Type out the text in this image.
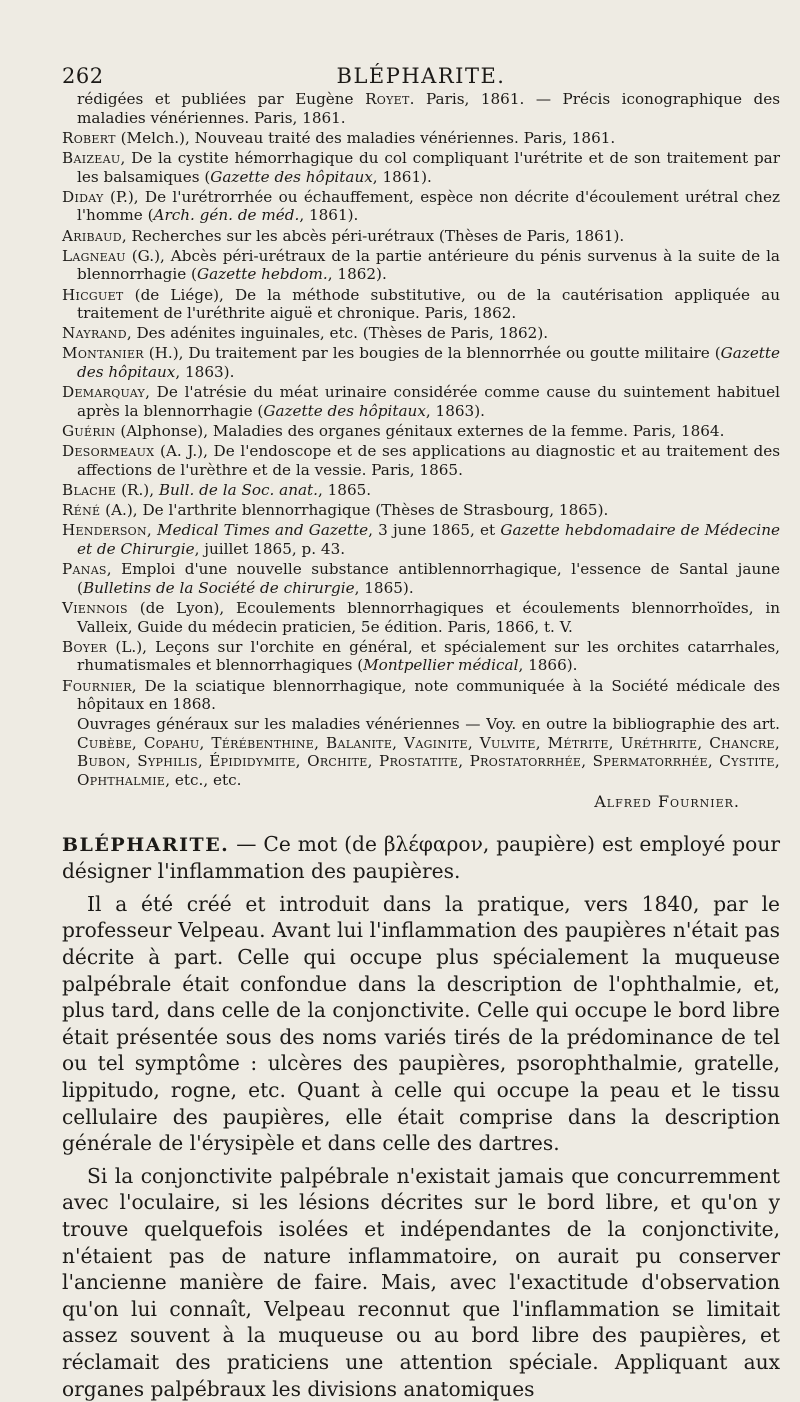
262	BLÉPHARITE.

rédigées et publiées par Eugène Royet. Paris, 1861. — Précis iconographique des maladies vénériennes. Paris, 1861.

Robert (Melch.), Nouveau traité des maladies vénériennes. Paris, 1861.

Baizeau, De la cystite hémorrhagique du col compliquant l'urétrite et de son traitement par les balsamiques (Gazette des hôpitaux, 1861).

Diday (P.), De l'urétrorrhée ou échauffement, espèce non décrite d'écoulement urétral chez l'homme (Arch. gén. de méd., 1861).

Aribaud, Recherches sur les abcès péri-urétraux (Thèses de Paris, 1861).

Lagneau (G.), Abcès péri-urétraux de la partie antérieure du pénis survenus à la suite de la blennorrhagie (Gazette hebdom., 1862).

Hicguet (de Liége), De la méthode substitutive, ou de la cautérisation appliquée au traitement de l'uréthrite aiguë et chronique. Paris, 1862.

Nayrand, Des adénites inguinales, etc. (Thèses de Paris, 1862).

Montanier (H.), Du traitement par les bougies de la blennorrhée ou goutte militaire (Gazette des hôpitaux, 1863).

Demarquay, De l'atrésie du méat urinaire considérée comme cause du suintement habituel après la blennorrhagie (Gazette des hôpitaux, 1863).

Guérin (Alphonse), Maladies des organes génitaux externes de la femme. Paris, 1864.

Desormeaux (A. J.), De l'endoscope et de ses applications au diagnostic et au traitement des affections de l'urèthre et de la vessie. Paris, 1865.

Blache (R.), Bull. de la Soc. anat., 1865.

Réné (A.), De l'arthrite blennorrhagique (Thèses de Strasbourg, 1865).

Henderson, Medical Times and Gazette, 3 june 1865, et Gazette hebdomadaire de Médecine et de Chirurgie, juillet 1865, p. 43.

Panas, Emploi d'une nouvelle substance antiblennorrhagique, l'essence de Santal jaune (Bulletins de la Société de chirurgie, 1865).

Viennois (de Lyon), Ecoulements blennorrhagiques et écoulements blennorrhoïdes, in Valleix, Guide du médecin praticien, 5e édition. Paris, 1866, t. V.

Boyer (L.), Leçons sur l'orchite en général, et spécialement sur les orchites catarrhales, rhumatismales et blennorrhagiques (Montpellier médical, 1866).

Fournier, De la sciatique blennorrhagique, note communiquée à la Société médicale des hôpitaux en 1868.

Ouvrages généraux sur les maladies vénériennes — Voy. en outre la bibliographie des art. Cubèbe, Copahu, Térébenthine, Balanite, Vaginite, Vulvite, Métrite, Uréthrite, Chancre, Bubon, Syphilis, Épididymite, Orchite, Prostatite, Prostatorrhée, Spermatorrhée, Cystite, Ophthalmie, etc., etc.

Alfred Fournier.

BLÉPHARITE. — Ce mot (de βλέφαρον, paupière) est employé pour désigner l'inflammation des paupières.

Il a été créé et introduit dans la pratique, vers 1840, par le professeur Velpeau. Avant lui l'inflammation des paupières n'était pas décrite à part. Celle qui occupe plus spécialement la muqueuse palpébrale était confondue dans la description de l'ophthalmie, et, plus tard, dans celle de la conjonctivite. Celle qui occupe le bord libre était présentée sous des noms variés tirés de la prédominance de tel ou tel symptôme : ulcères des paupières, psorophthalmie, gratelle, lippitudo, rogne, etc. Quant à celle qui occupe la peau et le tissu cellulaire des paupières, elle était comprise dans la description générale de l'érysipèle et dans celle des dartres.

Si la conjonctivite palpébrale n'existait jamais que concurremment avec l'oculaire, si les lésions décrites sur le bord libre, et qu'on y trouve quelquefois isolées et indépendantes de la conjonctivite, n'étaient pas de nature inflammatoire, on aurait pu conserver l'ancienne manière de faire. Mais, avec l'exactitude d'observation qu'on lui connaît, Velpeau reconnut que l'inflammation se limitait assez souvent à la muqueuse ou au bord libre des paupières, et réclamait des praticiens une attention spéciale. Appliquant aux organes palpébraux les divisions anatomiques
